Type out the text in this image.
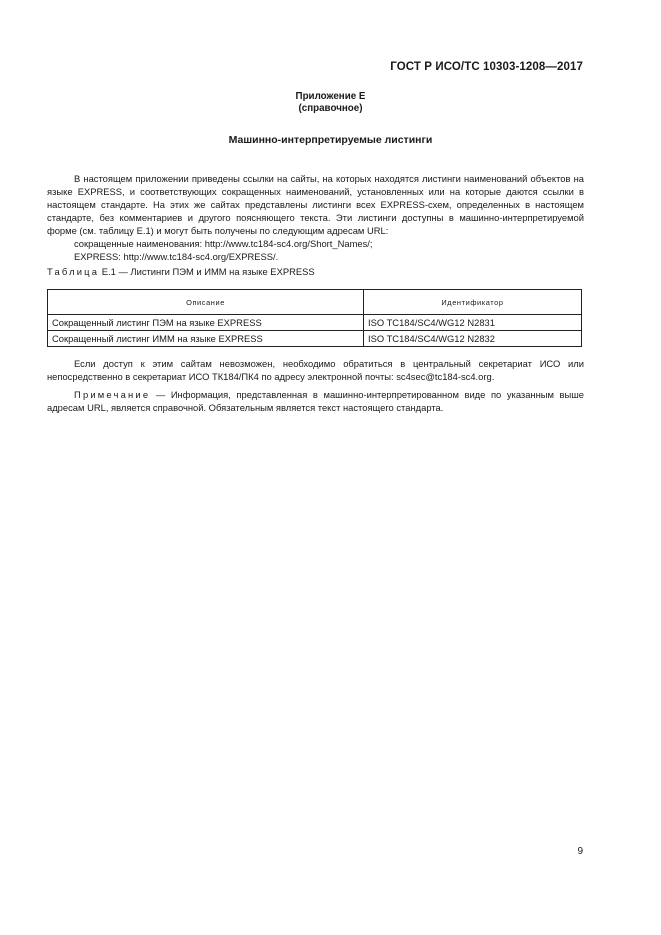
ГОСТ Р ИСО/ТС 10303-1208—2017
Приложение Е
(справочное)
Машинно-интерпретируемые листинги

В настоящем приложении приведены ссылки на сайты, на которых находятся листинги наименований объектов на языке EXPRESS, и соответствующих сокращенных наименований, установленных или на которые даются ссылки в настоящем стандарте. На этих же сайтах представлены листинги всех EXPRESS-схем, определенных в настоящем стандарте, без комментариев и другого поясняющего текста. Эти листинги доступны в машинно-интерпретируемой форме (см. таблицу Е.1) и могут быть получены по следующим адресам URL:

сокращенные наименования: http://www.tc184-sc4.org/Short_Names/;

EXPRESS: http://www.tc184-sc4.org/EXPRESS/.

Таблица Е.1 — Листинги ПЭМ и ИММ на языке EXPRESS
Описание	Идентификатор
Сокращенный листинг ПЭМ на языке EXPRESS	ISO TC184/SC4/WG12 N2831
Сокращенный листинг ИММ на языке EXPRESS	ISO TC184/SC4/WG12 N2832

Если доступ к этим сайтам невозможен, необходимо обратиться в центральный секретариат ИСО или непосредственно в секретариат ИСО ТК184/ПК4 по адресу электронной почты: sc4sec@tc184-sc4.org.

Примечание — Информация, представленная в машинно-интерпретированном виде по указанным выше адресам URL, является справочной. Обязательным является текст настоящего стандарта.

9
